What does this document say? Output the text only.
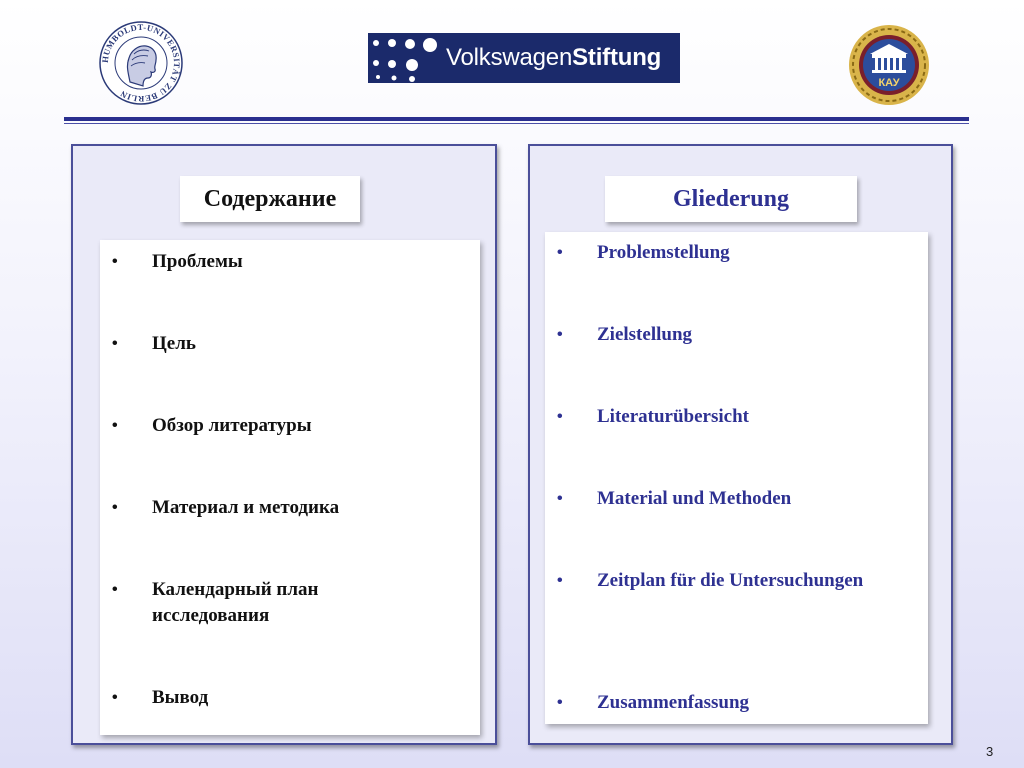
HUMBOLDT-UNIVERSITÄT ZU BERLIN
VolkswagenStiftung
КАУ
Содержание
• Проблемы
• Цель
• Обзор литературы
• Материал и методика
• Календарный план исследования
• Вывод
Gliederung
• Problemstellung
• Zielstellung
• Literaturübersicht
• Material und Methoden
• Zeitplan für die Untersuchungen
• Zusammenfassung
3
